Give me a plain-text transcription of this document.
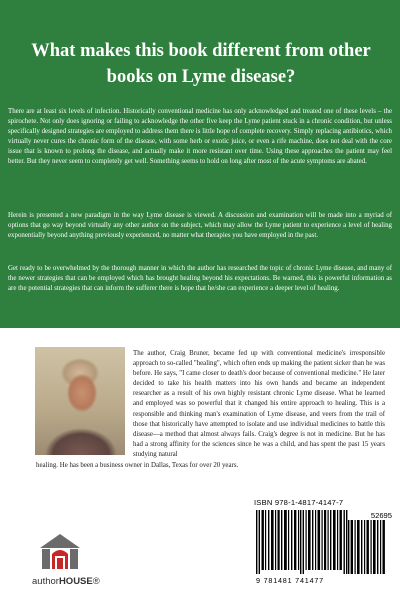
What makes this book different from other books on Lyme disease?

There are at least six levels of infection. Historically conventional medicine has only acknowledged and treated one of these levels – the spirochete. Not only does ignoring or failing to acknowledge the other five keep the Lyme patient stuck in a chronic condition, but unless specifically designed strategies are employed to address them there is little hope of complete recovery. Simply replacing antibiotics, which virtually never cures the chronic form of the disease, with some herb or exotic juice, or even a rife machine, does not deal with the core issue that is known to prolong the disease, and actually make it more resistant over time. Using these approaches the patient may feel better. But they never seem to completely get well. Something seems to hold on long after most of the acute symptoms are abated.

Herein is presented a new paradigm in the way Lyme disease is viewed. A discussion and examination will be made into a myriad of options that go way beyond virtually any other author on the subject, which may allow the Lyme patient to experience a level of healing exponentially beyond anything previously experienced, no matter what therapies you have employed in the past.

Get ready to be overwhelmed by the thorough manner in which the author has researched the topic of chronic Lyme disease, and many of the newer strategies that can be employed which has brought healing beyond his expectations. Be warned, this is powerful information as are the potential strategies that can inform the sufferer there is hope that he/she can experience a deeper level of healing.

The author, Craig Bruner, became fed up with conventional medicine's irresponsible approach to so-called "healing", which often ends up making the patient sicker than he was before. He says, "I came closer to death's door because of conventional medicine." He later decided to take his health matters into his own hands and became an independent researcher as a result of his own highly resistant chronic Lyme disease. What he learned and employed was so powerful that it changed his entire approach to healing. This is a responsible and thinking man's examination of Lyme disease, and veers from the trail of those that historically have attempted to isolate and use individual medicines to battle this disease—a method that almost always fails. Craig's degree is not in medicine. But he has had a strong affinity for the sciences since he was a child, and has spent the past 15 years studying natural

healing. He has been a business owner in Dallas, Texas for over 20 years.

authorHOUSE®
ISBN 978-1-4817-4147-7
52695
9 781481 741477
